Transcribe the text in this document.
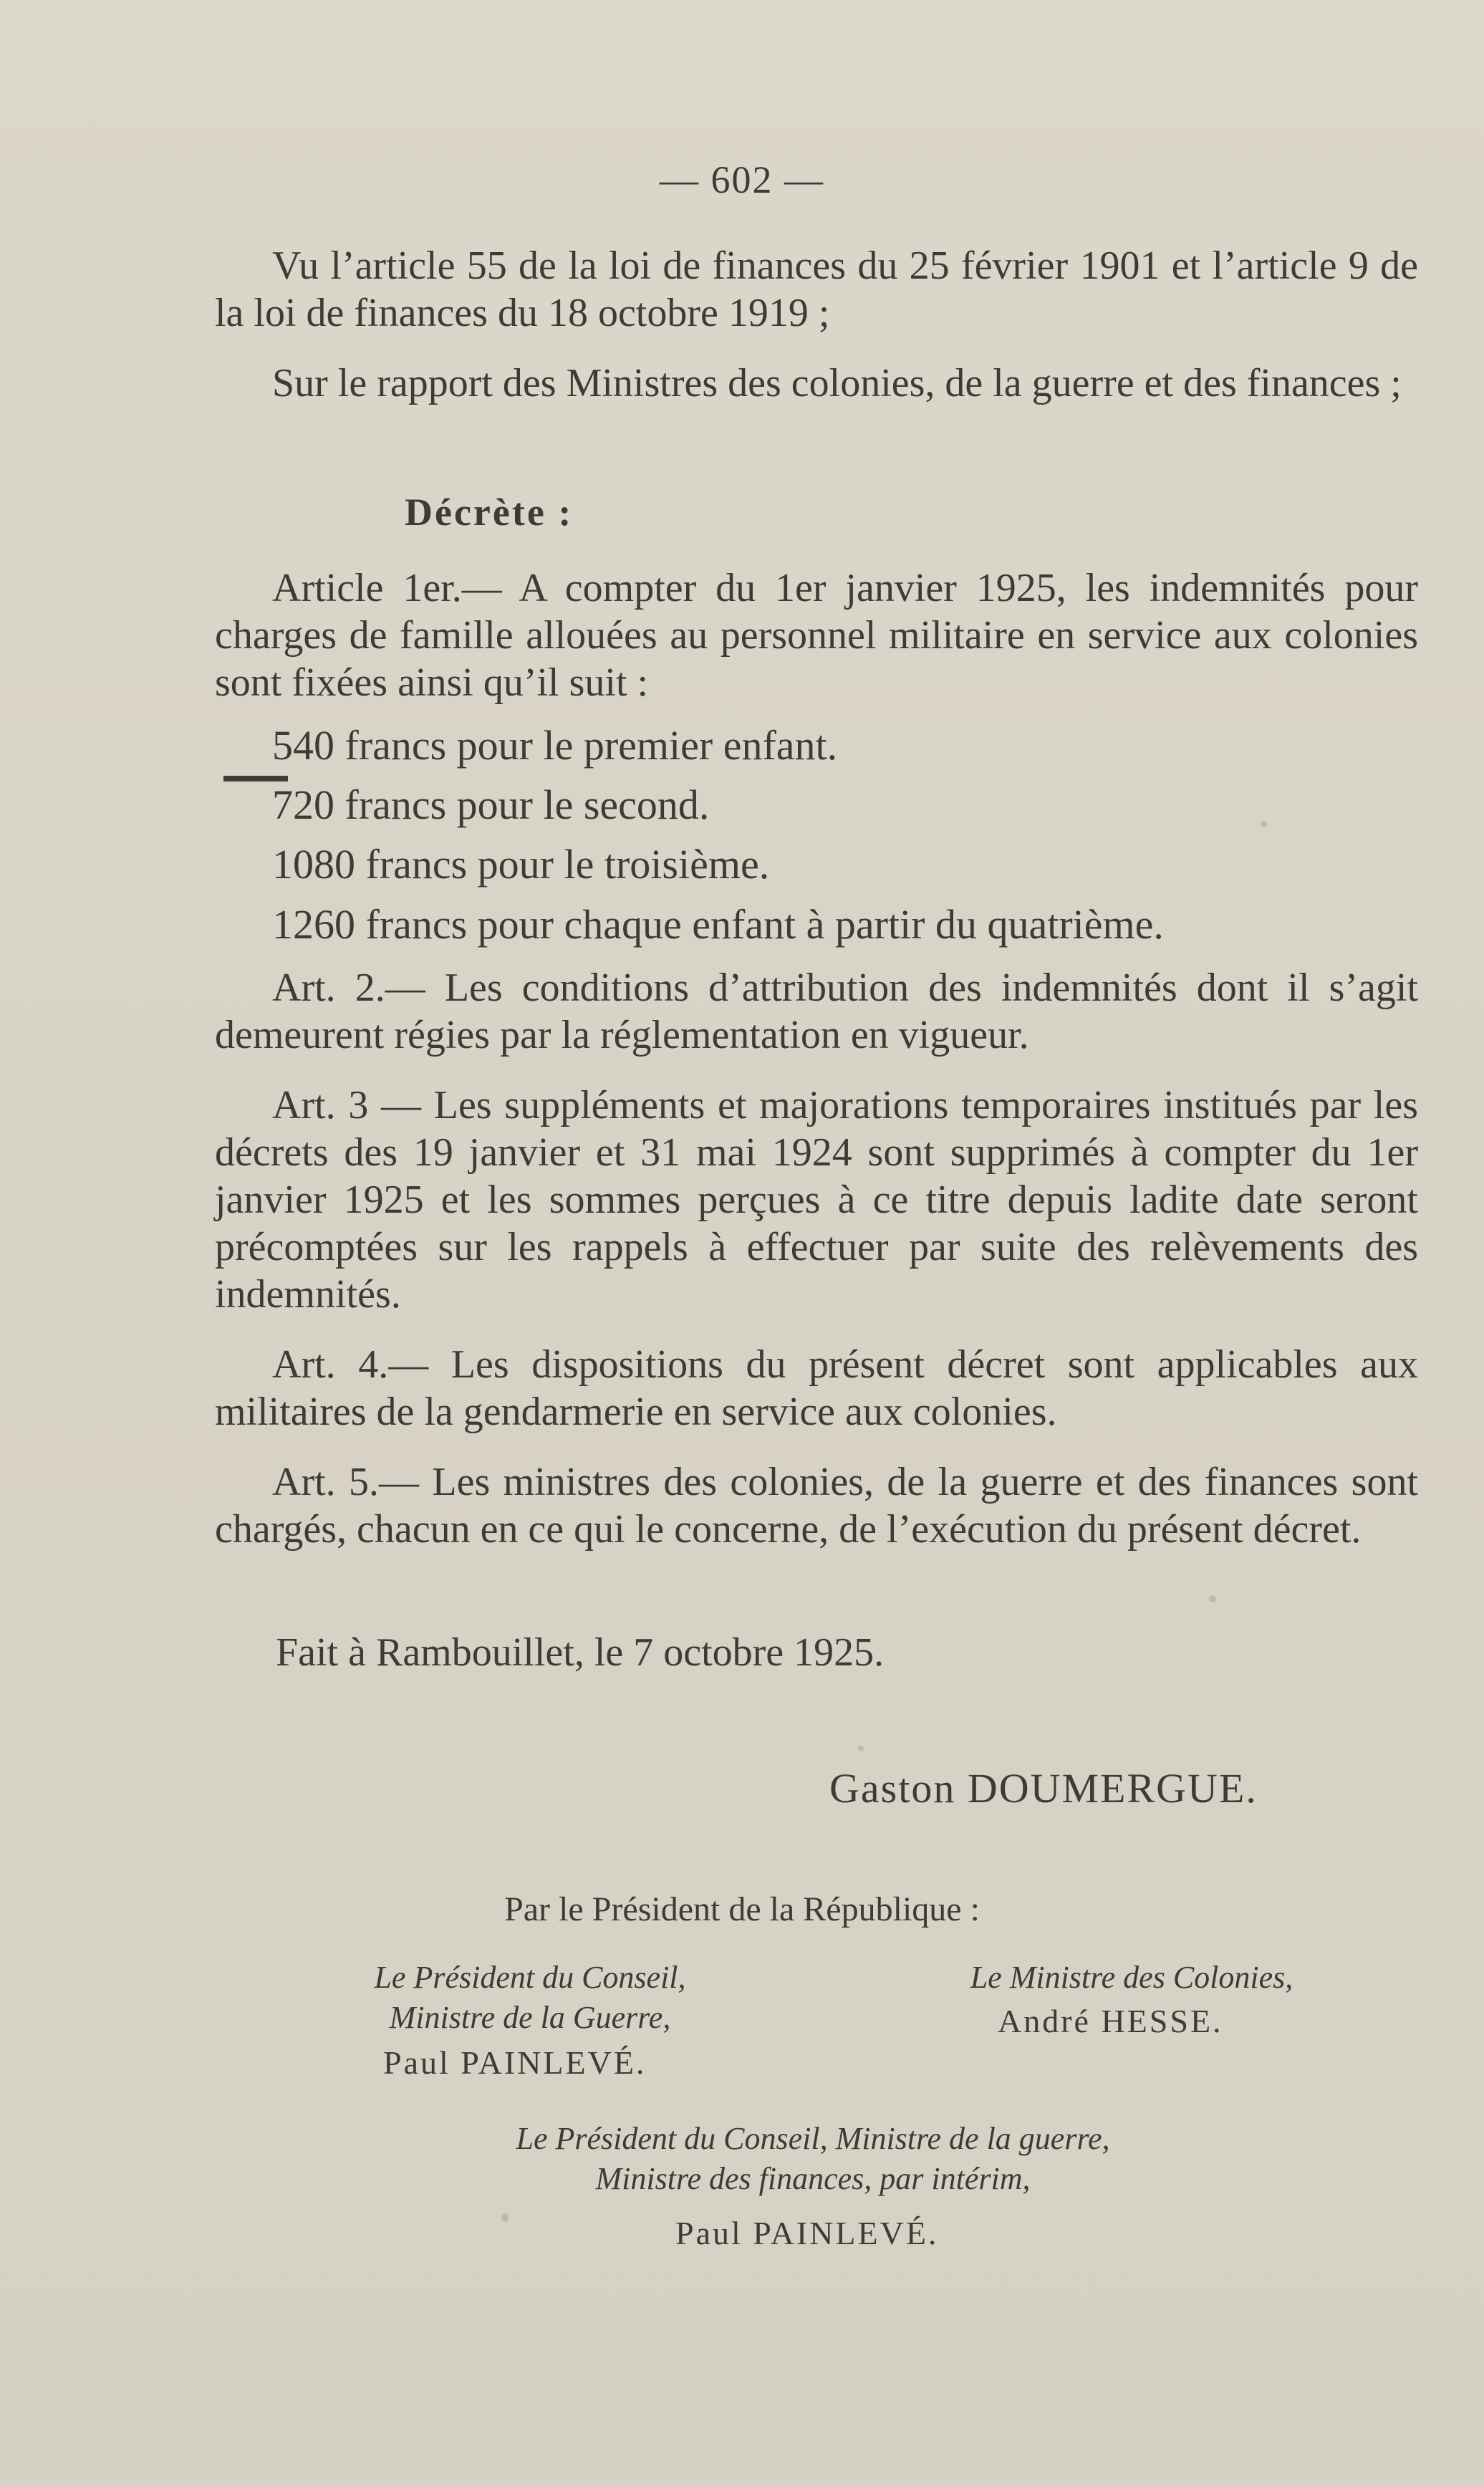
— 602 —
Vu l’article 55 de la loi de finances du 25 février 1901 et l’article 9 de la loi de finances du 18 octobre 1919 ;
Sur le rapport des Ministres des colonies, de la guerre et des finances ;
Décrète :
Article 1er.— A compter du 1er janvier 1925, les indemnités pour charges de famille allouées au personnel militaire en service aux colonies sont fixées ainsi qu’il suit :
540 francs pour le premier enfant.
720 francs pour le second.
1080 francs pour le troisième.
1260 francs pour chaque enfant à partir du quatrième.
Art. 2.— Les conditions d’attribution des indemnités dont il s’agit demeurent régies par la réglementation en vigueur.
Art. 3 — Les suppléments et majorations temporaires institués par les décrets des 19 janvier et 31 mai 1924 sont supprimés à compter du 1er janvier 1925 et les sommes perçues à ce titre depuis ladite date seront précomptées sur les rappels à effectuer par suite des relèvements des indemnités.
Art. 4.— Les dispositions du présent décret sont applicables aux militaires de la gendarmerie en service aux colonies.
Art. 5.— Les ministres des colonies, de la guerre et des finances sont chargés, chacun en ce qui le concerne, de l’exécution du présent décret.
Fait à Rambouillet, le 7 octobre 1925.
Gaston DOUMERGUE.
Par le Président de la République :
Le Président du Conseil,
Ministre de la Guerre,
Paul PAINLEVÉ.
Le Ministre des Colonies,
André HESSE.
Le Président du Conseil, Ministre de la guerre,
Ministre des finances, par intérim,
Paul PAINLEVÉ.
